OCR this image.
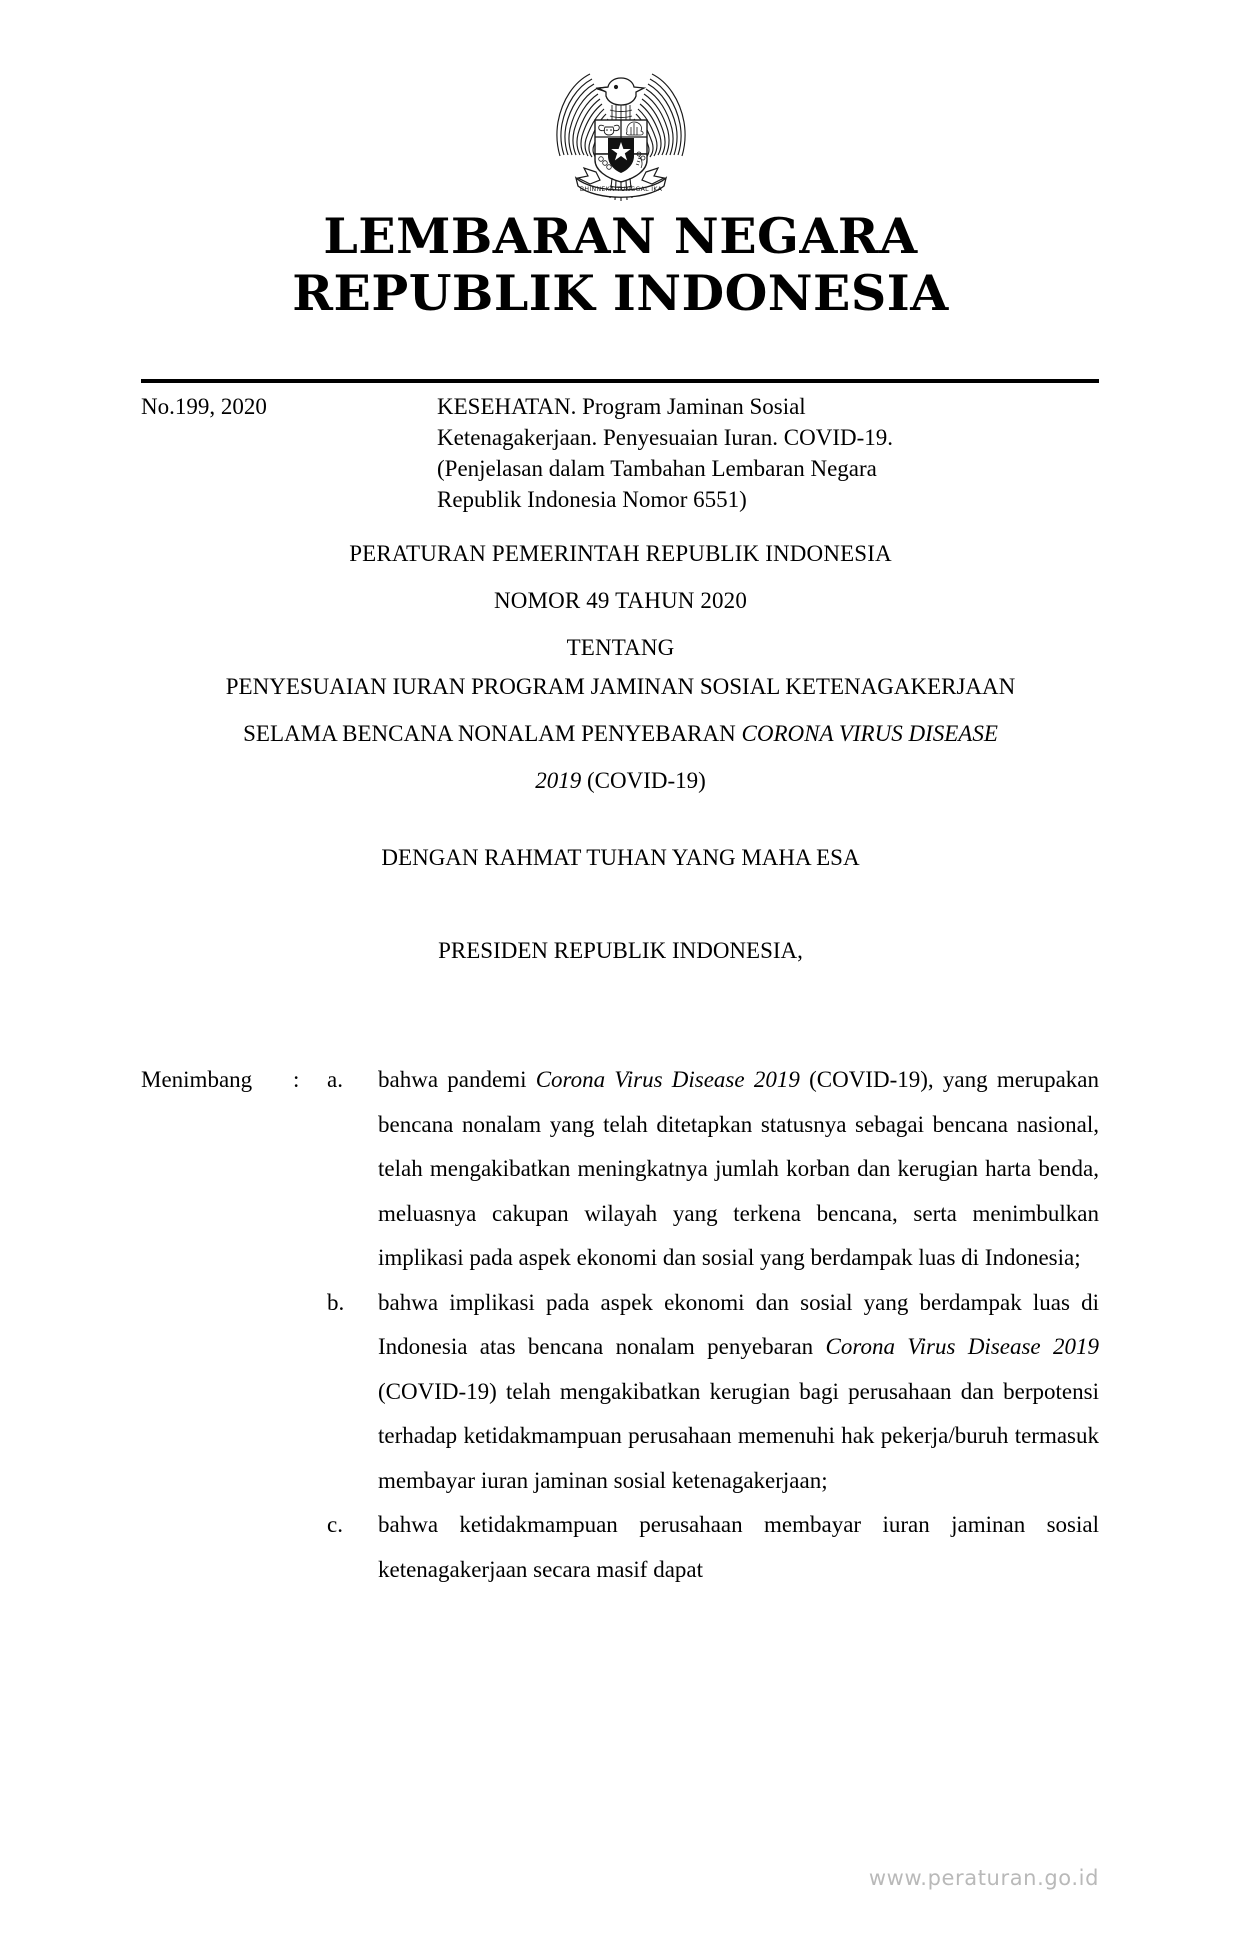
BHINNEKA TUNGGAL IKA
LEMBARAN NEGARA
REPUBLIK INDONESIA
No.199, 2020	KESEHATAN. Program Jaminan Sosial

Ketenagakerjaan. Penyesuaian Iuran. COVID-19.

(Penjelasan dalam Tambahan Lembaran Negara

Republik Indonesia Nomor 6551)

PERATURAN PEMERINTAH REPUBLIK INDONESIA
NOMOR 49 TAHUN 2020
TENTANG
PENYESUAIAN IURAN PROGRAM JAMINAN SOSIAL KETENAGAKERJAAN
SELAMA BENCANA NONALAM PENYEBARAN CORONA VIRUS DISEASE
2019 (COVID-19)
DENGAN RAHMAT TUHAN YANG MAHA ESA
PRESIDEN REPUBLIK INDONESIA,
Menimbang	:	a.	bahwa pandemi Corona Virus Disease 2019 (COVID-19), yang merupakan bencana nonalam yang telah ditetapkan statusnya sebagai bencana nasional, telah mengakibatkan meningkatnya jumlah korban dan kerugian harta benda, meluasnya cakupan wilayah yang terkena bencana, serta menimbulkan implikasi pada aspek ekonomi dan sosial yang berdampak luas di Indonesia;
b.	bahwa implikasi pada aspek ekonomi dan sosial yang berdampak luas di Indonesia atas bencana nonalam penyebaran Corona Virus Disease 2019 (COVID-19) telah mengakibatkan kerugian bagi perusahaan dan berpotensi terhadap ketidakmampuan perusahaan memenuhi hak pekerja/buruh termasuk membayar iuran jaminan sosial ketenagakerjaan;
c.	bahwa ketidakmampuan perusahaan membayar iuran jaminan sosial ketenagakerjaan secara masif dapat
www.peraturan.go.id
